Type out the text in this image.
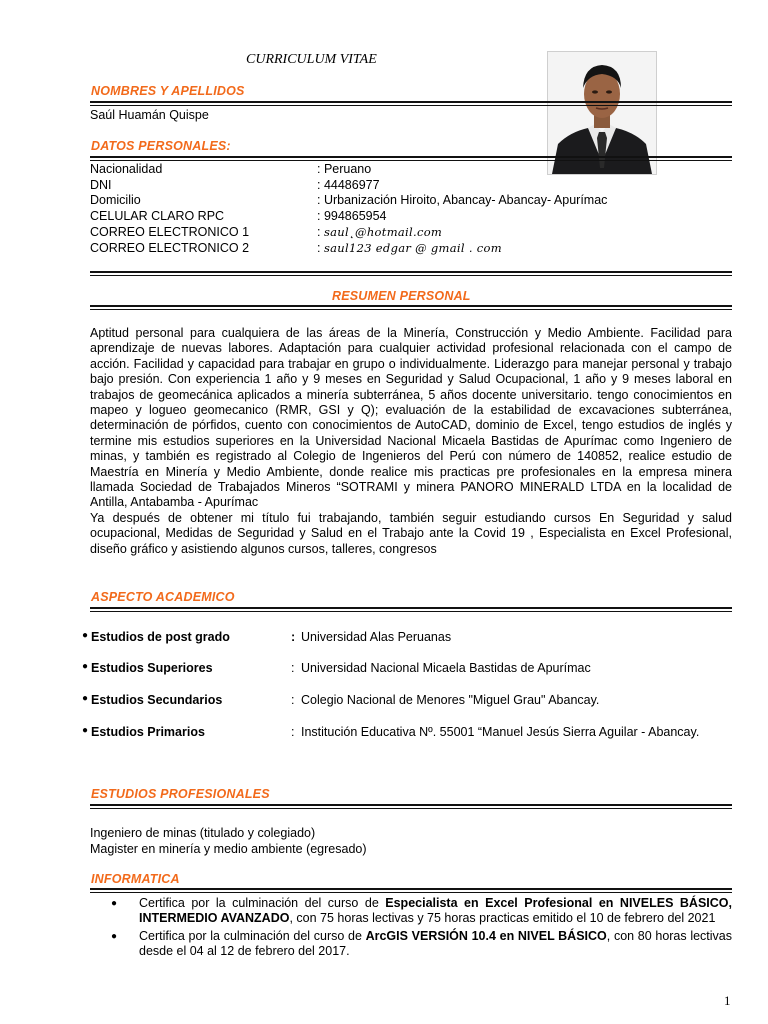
CURRICULUM VITAE
NOMBRES Y APELLIDOS
Saúl Huamán Quispe
DATOS PERSONALES:
Nacionalidad	: Peruano
DNI	: 44486977
Domicilio	: Urbanización Hiroito, Abancay- Abancay- Apurímac
CELULAR CLARO RPC	: 994865954
CORREO ELECTRONICO 1	: saul˛@hotmail.com
CORREO ELECTRONICO 2	: saul123 edgar @ gmail . com
RESUMEN PERSONAL

Aptitud personal para cualquiera de las áreas de la Minería, Construcción y Medio Ambiente. Facilidad para aprendizaje de nuevas labores. Adaptación para cualquier actividad profesional relacionada con el campo de acción. Facilidad y capacidad para trabajar en grupo o individualmente. Liderazgo para manejar personal y trabajo bajo presión. Con experiencia 1 año y 9 meses en Seguridad y Salud Ocupacional, 1 año y 9 meses laboral en trabajos de geomecánica aplicados a minería subterránea, 5 años docente universitario. tengo conocimientos en mapeo y logueo geomecanico (RMR, GSI y Q); evaluación de la estabilidad de excavaciones subterránea, determinación de pórfidos, cuento con conocimientos de AutoCAD, dominio de Excel, tengo estudios de inglés y termine mis estudios superiores en la Universidad Nacional Micaela Bastidas de Apurímac como Ingeniero de minas, y también es registrado al Colegio de Ingenieros del Perú con número de 140852, realice estudio de Maestría en Minería y Medio Ambiente, donde realice mis practicas pre profesionales en la empresa minera llamada Sociedad de Trabajados Mineros “SOTRAMI y minera PANORO MINERALD LTDA en la localidad de Antilla, Antabamba - Apurímac

Ya después de obtener mi título fui trabajando, también seguir estudiando cursos En Seguridad y salud ocupacional, Medidas de Seguridad y Salud en el Trabajo ante la Covid 19 , Especialista en Excel Profesional, diseño gráfico y asistiendo algunos cursos, talleres, congresos

ASPECTO ACADEMICO
● Estudios de post grado	: Universidad Alas Peruanas
● Estudios Superiores	: Universidad Nacional Micaela Bastidas de Apurímac
● Estudios Secundarios	: Colegio Nacional de Menores "Miguel Grau" Abancay.
● Estudios Primarios	: Institución Educativa Nº. 55001 “Manuel Jesús Sierra Aguilar - Abancay.
ESTUDIOS PROFESIONALES
Ingeniero de minas (titulado y colegiado)
Magister en minería y medio ambiente (egresado)
INFORMATICA
● Certifica por la culminación del curso de Especialista en Excel Profesional en NIVELES BÁSICO, INTERMEDIO AVANZADO, con 75 horas lectivas y 75 horas practicas emitido el 10 de febrero del 2021
● Certifica por la culminación del curso de ArcGIS VERSIÓN 10.4 en NIVEL BÁSICO, con 80 horas lectivas desde el 04 al 12 de febrero del 2017.
1
